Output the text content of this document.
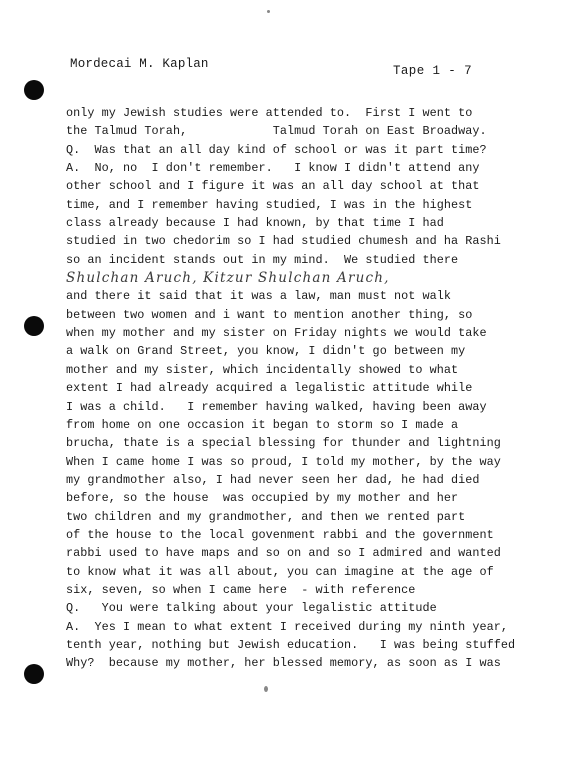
Mordecai M. Kaplan	Tape 1 - 7
only my Jewish studies were attended to.  First I went to
the Talmud Torah,            Talmud Torah on East Broadway.
Q.  Was that an all day kind of school or was it part time?
A.  No, no  I don't remember.   I know I didn't attend any
other school and I figure it was an all day school at that
time, and I remember having studied, I was in the highest
class already because I had known, by that time I had
studied in two chedorim so I had studied chumesh and ha Rashi
so an incident stands out in my mind.  We studied there
Shulchan Aruch, Kitzur Shulchan Aruch,
and there it said that it was a law, man must not walk
between two women and i want to mention another thing, so
when my mother and my sister on Friday nights we would take
a walk on Grand Street, you know, I didn't go between my
mother and my sister, which incidentally showed to what
extent I had already acquired a legalistic attitude while
I was a child.   I remember having walked, having been away
from home on one occasion it began to storm so I made a
brucha, thate is a special blessing for thunder and lightning
When I came home I was so proud, I told my mother, by the way
my grandmother also, I had never seen her dad, he had died
before, so the house  was occupied by my mother and her
two children and my grandmother, and then we rented part
of the house to the local govenment rabbi and the government
rabbi used to have maps and so on and so I admired and wanted
to know what it was all about, you can imagine at the age of
six, seven, so when I came here  - with reference
Q.   You were talking about your legalistic attitude
A.  Yes I mean to what extent I received during my ninth year,
tenth year, nothing but Jewish education.   I was being stuffed
Why?  because my mother, her blessed memory, as soon as I was
